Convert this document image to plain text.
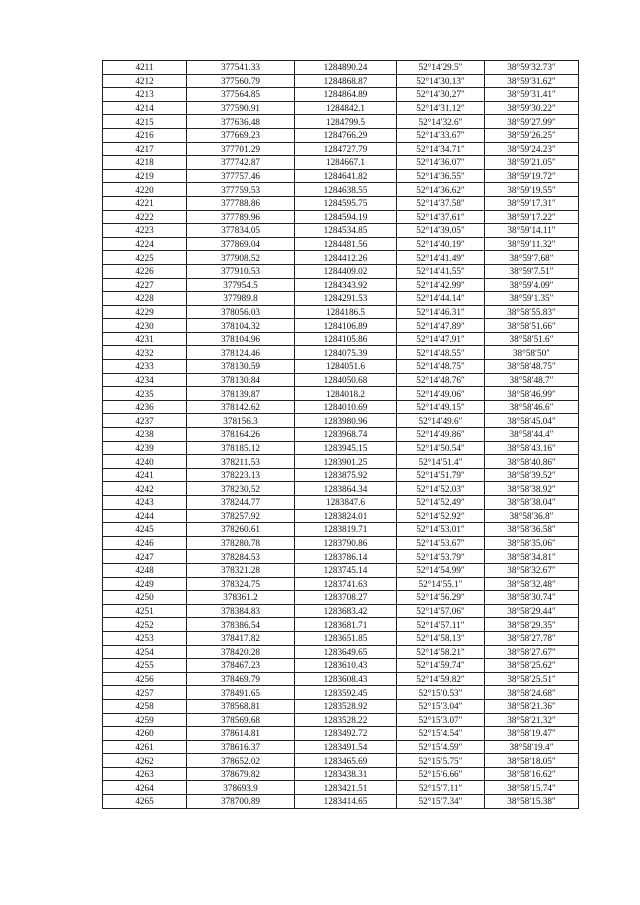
4211	377541.33	1284890.24	52°14′29.5″	38°59′32.73″
4212	377560.79	1284868.87	52°14′30.13″	38°59′31.62″
4213	377564.85	1284864.89	52°14′30.27″	38°59′31.41″
4214	377590.91	1284842.1	52°14′31.12″	38°59′30.22″
4215	377636.48	1284799.5	52°14′32.6″	38°59′27.99″
4216	377669.23	1284766.29	52°14′33.67″	38°59′26.25″
4217	377701.29	1284727.79	52°14′34.71″	38°59′24.23″
4218	377742.87	1284667.1	52°14′36.07″	38°59′21.05″
4219	377757.46	1284641.82	52°14′36.55″	38°59′19.72″
4220	377759.53	1284638.55	52°14′36.62″	38°59′19.55″
4221	377788.86	1284595.75	52°14′37.58″	38°59′17.31″
4222	377789.96	1284594.19	52°14′37.61″	38°59′17.22″
4223	377834.05	1284534.85	52°14′39.05″	38°59′14.11″
4224	377869.04	1284481.56	52°14′40.19″	38°59′11.32″
4225	377908.52	1284412.26	52°14′41.49″	38°59′7.68″
4226	377910.53	1284409.02	52°14′41.55″	38°59′7.51″
4227	377954.5	1284343.92	52°14′42.99″	38°59′4.09″
4228	377989.8	1284291.53	52°14′44.14″	38°59′1.35″
4229	378056.03	1284186.5	52°14′46.31″	38°58′55.83″
4230	378104.32	1284106.89	52°14′47.89″	38°58′51.66″
4231	378104.96	1284105.86	52°14′47.91″	38°58′51.6″
4232	378124.46	1284075.39	52°14′48.55″	38°58′50″
4233	378130.59	1284051.6	52°14′48.75″	38°58′48.75″
4234	378130.84	1284050.68	52°14′48.76″	38°58′48.7″
4235	378139.87	1284018.2	52°14′49.06″	38°58′46.99″
4236	378142.62	1284010.69	52°14′49.15″	38°58′46.6″
4237	378156.3	1283980.96	52°14′49.6″	38°58′45.04″
4238	378164.26	1283968.74	52°14′49.86″	38°58′44.4″
4239	378185.12	1283945.15	52°14′50.54″	38°58′43.16″
4240	378211.53	1283901.25	52°14′51.4″	38°58′40.86″
4241	378223.13	1283875.92	52°14′51.79″	38°58′39.52″
4242	378230.52	1283864.34	52°14′52.03″	38°58′38.92″
4243	378244.77	1283847.6	52°14′52.49″	38°58′38.04″
4244	378257.92	1283824.01	52°14′52.92″	38°58′36.8″
4245	378260.61	1283819.71	52°14′53.01″	38°58′36.58″
4246	378280.78	1283790.86	52°14′53.67″	38°58′35.06″
4247	378284.53	1283786.14	52°14′53.79″	38°58′34.81″
4248	378321.28	1283745.14	52°14′54.99″	38°58′32.67″
4249	378324.75	1283741.63	52°14′55.1″	38°58′32.48″
4250	378361.2	1283708.27	52°14′56.29″	38°58′30.74″
4251	378384.83	1283683.42	52°14′57.06″	38°58′29.44″
4252	378386.54	1283681.71	52°14′57.11″	38°58′29.35″
4253	378417.82	1283651.85	52°14′58.13″	38°58′27.78″
4254	378420.28	1283649.65	52°14′58.21″	38°58′27.67″
4255	378467.23	1283610.43	52°14′59.74″	38°58′25.62″
4256	378469.79	1283608.43	52°14′59.82″	38°58′25.51″
4257	378491.65	1283592.45	52°15′0.53″	38°58′24.68″
4258	378568.81	1283528.92	52°15′3.04″	38°58′21.36″
4259	378569.68	1283528.22	52°15′3.07″	38°58′21.32″
4260	378614.81	1283492.72	52°15′4.54″	38°58′19.47″
4261	378616.37	1283491.54	52°15′4.59″	38°58′19.4″
4262	378652.02	1283465.69	52°15′5.75″	38°58′18.05″
4263	378679.82	1283438.31	52°15′6.66″	38°58′16.62″
4264	378693.9	1283421.51	52°15′7.11″	38°58′15.74″
4265	378700.89	1283414.65	52°15′7.34″	38°58′15.38″
